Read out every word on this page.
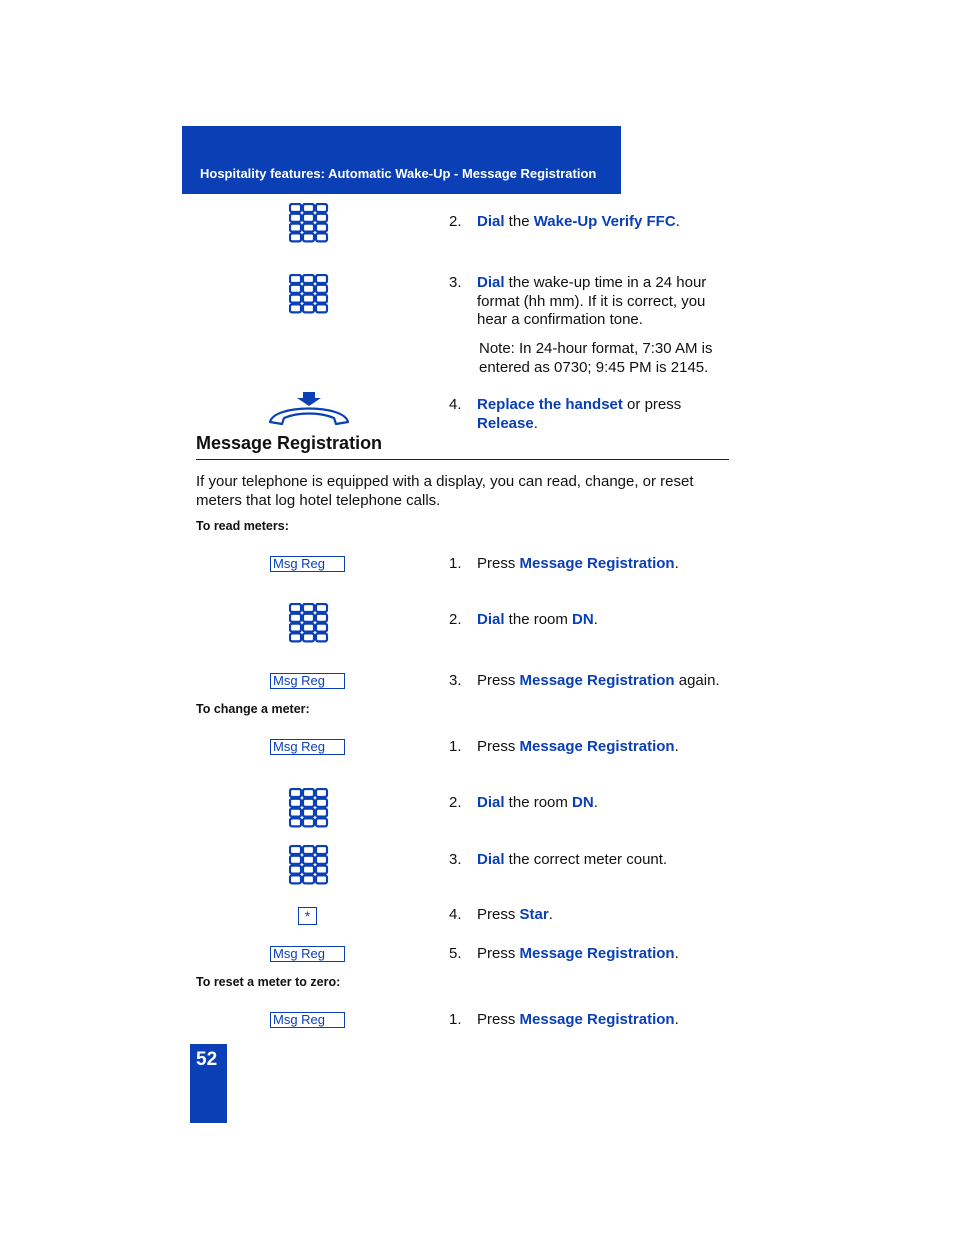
Hospitality features: Automatic Wake-Up - Message Registration
2. Dial the Wake-Up Verify FFC.
3. Dial the wake-up time in a 24 hour format (hh mm). If it is correct, you hear a confirmation tone.
Note: In 24-hour format, 7:30 AM is entered as 0730; 9:45 PM is 2145.
4. Replace the handset or press Release.
Message Registration
If your telephone is equipped with a display, you can read, change, or reset meters that log hotel telephone calls.
To read meters:
Msg Reg	1. Press Message Registration.
2. Dial the room DN.
Msg Reg	3. Press Message Registration again.
To change a meter:
Msg Reg	1. Press Message Registration.
2. Dial the room DN.
3. Dial the correct meter count.
*	4. Press Star.
Msg Reg	5. Press Message Registration.
To reset a meter to zero:
Msg Reg	1. Press Message Registration.
52
